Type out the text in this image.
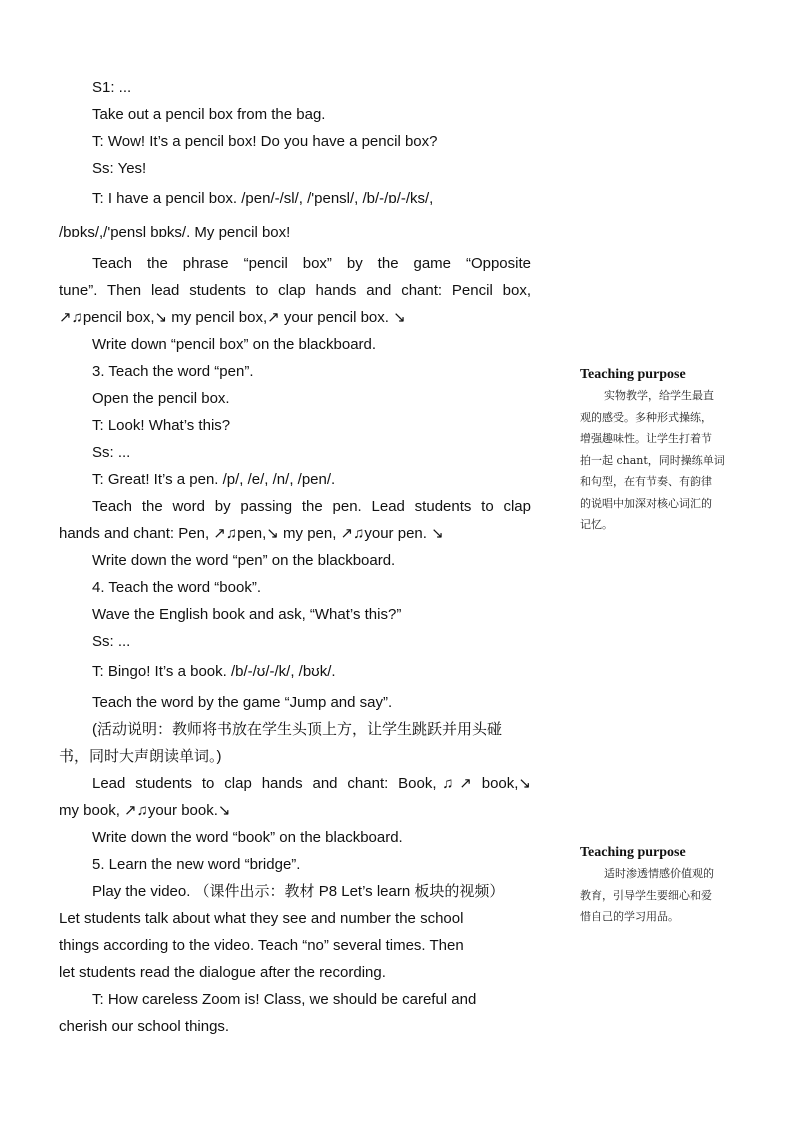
S1: ...
Take out a pencil box from the bag.
T: Wow! It’s a pencil box! Do you have a pencil box?
Ss: Yes!
T: I have a pencil box. /pen/-/sl/, /'pensl/, /b/-/ɒ/-/ks/,
/bɒks/,/'pensl bɒks/. My pencil box!
Teach the phrase “pencil box” by the game “Opposite
tune”. Then lead students to clap hands and chant: Pencil box,
↗♫pencil box,↘ my pencil box,↗ your pencil box. ↘
Write down “pencil box” on the blackboard.
3. Teach the word “pen”.
Open the pencil box.
T: Look! What’s this?
Ss: ...
T: Great! It’s a pen. /p/, /e/, /n/, /pen/.
Teach the word by passing the pen. Lead students to clap
hands and chant: Pen, ↗♫pen,↘ my pen, ↗♫your pen. ↘
Write down the word “pen” on the blackboard.
4. Teach the word “book”.
Wave the English book and ask, “What’s this?”
Ss: ...
T: Bingo! It’s a book. /b/-/ʊ/-/k/, /bʊk/.
Teach the word by the game “Jump and say”.
(活动说明：教师将书放在学生头顶上方，让学生跳跃并用头碰
书，同时大声朗读单词。)
Lead students to clap hands and chant: Book,♫↗ book,↘
my book, ↗♫your book.↘
Write down the word “book” on the blackboard.
5. Learn the new word “bridge”.
Play the video. （课件出示：教材 P8 Let’s learn 板块的视频）
Let students talk about what they see and number the school
things according to the video. Teach “no” several times. Then
let students read the dialogue after the recording.
T: How careless Zoom is! Class, we should be careful and
cherish our school things.
Teaching purpose
实物教学，给学生最直
观的感受。多种形式操练，
增强趣味性。让学生打着节
拍一起 chant，同时操练单词
和句型，在有节奏、有韵律
的说唱中加深对核心词汇的
记忆。
Teaching purpose
适时渗透情感价值观的
教育，引导学生要细心和爱
惜自己的学习用品。
